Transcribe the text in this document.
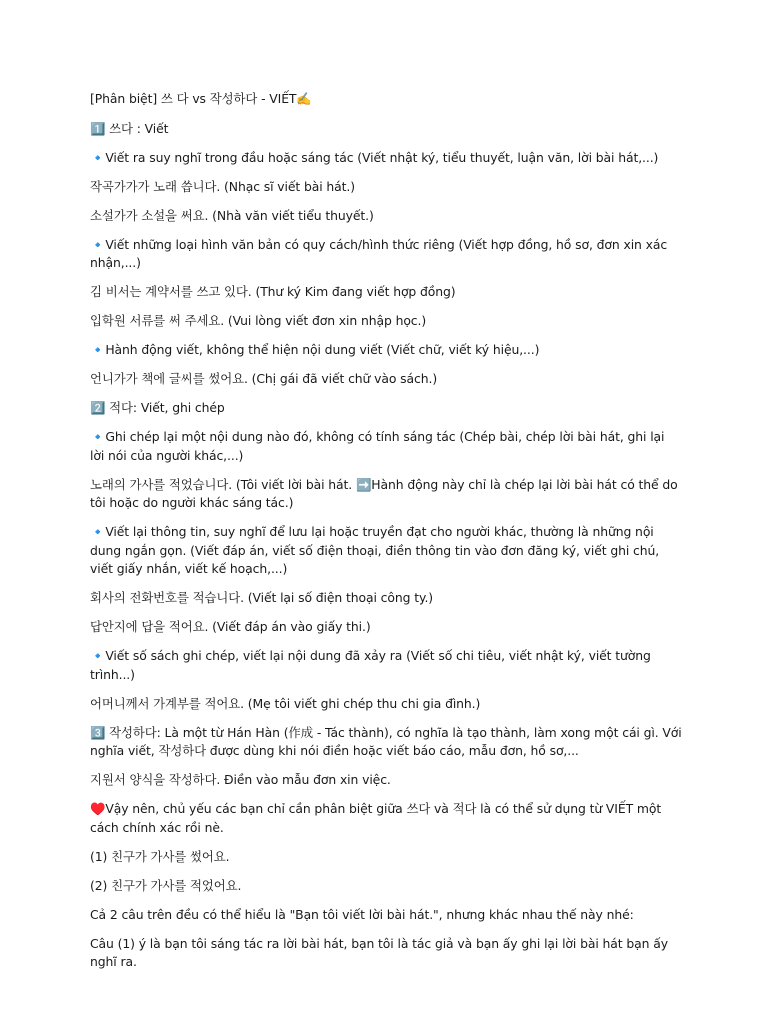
[Phân biệt] 쓰 다 vs 작성하다 - VIẾT✍️

1️⃣ 쓰다 : Viết

🔹Viết ra suy nghĩ trong đầu hoặc sáng tác (Viết nhật ký, tiểu thuyết, luận văn, lời bài hát,...)

작곡가가가 노래 씁니다. (Nhạc sĩ viết bài hát.)

소설가가 소설을 써요. (Nhà văn viết tiểu thuyết.)

🔹Viết những loại hình văn bản có quy cách/hình thức riêng (Viết hợp đồng, hồ sơ, đơn xin xác nhận,...)

김 비서는 계약서를 쓰고 있다. (Thư ký Kim đang viết hợp đồng)

입학원 서류를 써 주세요. (Vui lòng viết đơn xin nhập học.)

🔹Hành động viết, không thể hiện nội dung viết (Viết chữ, viết ký hiệu,...)

언니가가 책에 글씨를 썼어요. (Chị gái đã viết chữ vào sách.)

2️⃣ 적다: Viết, ghi chép

🔹Ghi chép lại một nội dung nào đó, không có tính sáng tác (Chép bài, chép lời bài hát, ghi lại lời nói của người khác,...)

노래의 가사를 적었습니다. (Tôi viết lời bài hát. ➡️Hành động này chỉ là chép lại lời bài hát có thể do tôi hoặc do người khác sáng tác.)

🔹Viết lại thông tin, suy nghĩ để lưu lại hoặc truyền đạt cho người khác, thường là những nội dung ngắn gọn. (Viết đáp án, viết số điện thoại, điền thông tin vào đơn đăng ký, viết ghi chú, viết giấy nhắn, viết kế hoạch,...)

회사의 전화번호를 적습니다. (Viết lại số điện thoại công ty.)

답안지에 답을 적어요. (Viết đáp án vào giấy thi.)

🔹Viết số sách ghi chép, viết lại nội dung đã xảy ra (Viết số chi tiêu, viết nhật ký, viết tường trình...)

어머니께서 가계부를 적어요. (Mẹ tôi viết ghi chép thu chi gia đình.)

3️⃣ 작성하다: Là một từ Hán Hàn (作成 - Tác thành), có nghĩa là tạo thành, làm xong một cái gì. Với nghĩa viết, 작성하다 được dùng khi nói điền hoặc viết báo cáo, mẫu đơn, hồ sơ,...

지원서 양식을 작성하다. Điền vào mẫu đơn xin việc.

♥️Vậy nên, chủ yếu các bạn chỉ cần phân biệt giữa 쓰다 và 적다 là có thể sử dụng từ VIẾT một cách chính xác rồi nè.

(1) 친구가 가사를 썼어요.

(2) 친구가 가사를 적었어요.

Cả 2 câu trên đều có thể hiểu là "Bạn tôi viết lời bài hát.", nhưng khác nhau thế này nhé:

Câu (1) ý là bạn tôi sáng tác ra lời bài hát, bạn tôi là tác giả và bạn ấy ghi lại lời bài hát bạn ấy nghĩ ra.
